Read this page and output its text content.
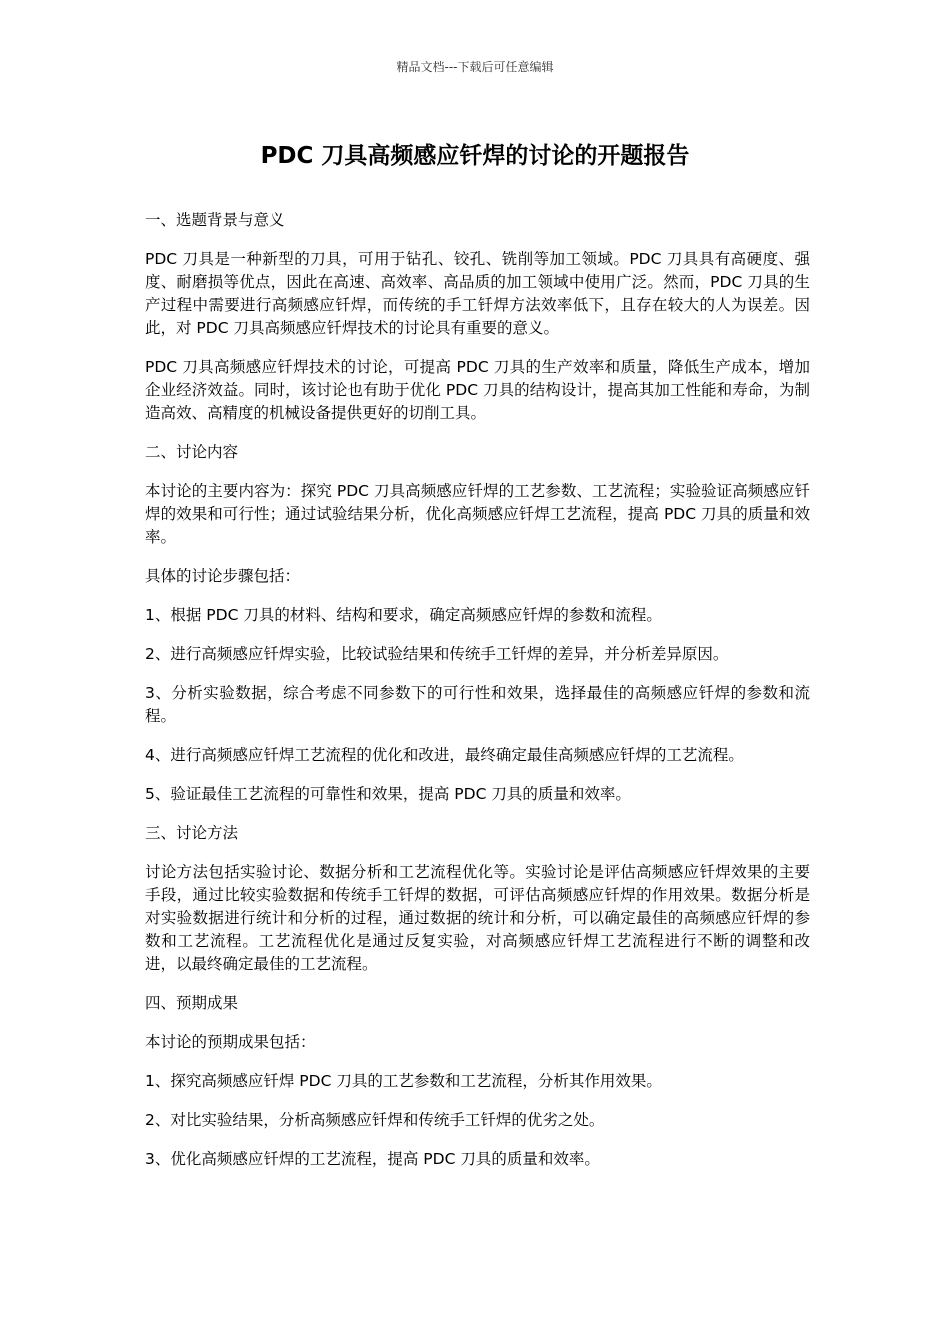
精品文档---下载后可任意编辑
PDC 刀具高频感应钎焊的讨论的开题报告

一、选题背景与意义

PDC 刀具是一种新型的刀具，可用于钻孔、铰孔、铣削等加工领域。PDC 刀具具有高硬度、强度、耐磨损等优点，因此在高速、高效率、高品质的加工领域中使用广泛。然而，PDC 刀具的生产过程中需要进行高频感应钎焊，而传统的手工钎焊方法效率低下，且存在较大的人为误差。因此，对 PDC 刀具高频感应钎焊技术的讨论具有重要的意义。

PDC 刀具高频感应钎焊技术的讨论，可提高 PDC 刀具的生产效率和质量，降低生产成本，增加企业经济效益。同时，该讨论也有助于优化 PDC 刀具的结构设计，提高其加工性能和寿命，为制造高效、高精度的机械设备提供更好的切削工具。

二、讨论内容

本讨论的主要内容为：探究 PDC 刀具高频感应钎焊的工艺参数、工艺流程；实验验证高频感应钎焊的效果和可行性；通过试验结果分析，优化高频感应钎焊工艺流程，提高 PDC 刀具的质量和效率。

具体的讨论步骤包括：

1、根据 PDC 刀具的材料、结构和要求，确定高频感应钎焊的参数和流程。

2、进行高频感应钎焊实验，比较试验结果和传统手工钎焊的差异，并分析差异原因。

3、分析实验数据，综合考虑不同参数下的可行性和效果，选择最佳的高频感应钎焊的参数和流程。

4、进行高频感应钎焊工艺流程的优化和改进，最终确定最佳高频感应钎焊的工艺流程。

5、验证最佳工艺流程的可靠性和效果，提高 PDC 刀具的质量和效率。

三、讨论方法

讨论方法包括实验讨论、数据分析和工艺流程优化等。实验讨论是评估高频感应钎焊效果的主要手段，通过比较实验数据和传统手工钎焊的数据，可评估高频感应钎焊的作用效果。数据分析是对实验数据进行统计和分析的过程，通过数据的统计和分析，可以确定最佳的高频感应钎焊的参数和工艺流程。工艺流程优化是通过反复实验，对高频感应钎焊工艺流程进行不断的调整和改进，以最终确定最佳的工艺流程。

四、预期成果

本讨论的预期成果包括：

1、探究高频感应钎焊 PDC 刀具的工艺参数和工艺流程，分析其作用效果。

2、对比实验结果，分析高频感应钎焊和传统手工钎焊的优劣之处。

3、优化高频感应钎焊的工艺流程，提高 PDC 刀具的质量和效率。
